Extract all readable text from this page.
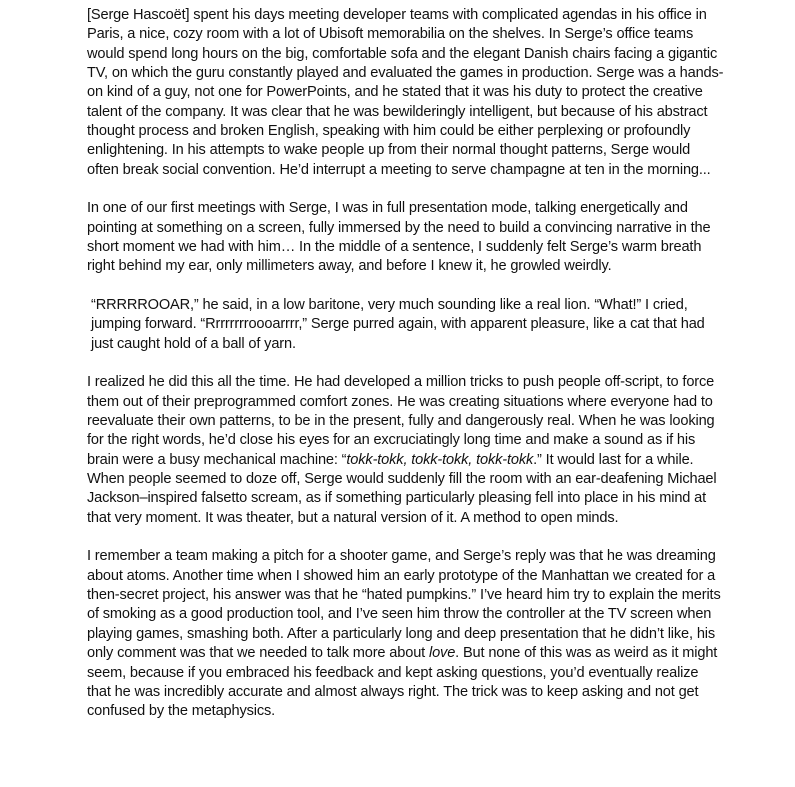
[Serge Hascoët] spent his days meeting developer teams with complicated agendas in his office in Paris, a nice, cozy room with a lot of Ubisoft memorabilia on the shelves. In Serge’s office teams would spend long hours on the big, comfortable sofa and the elegant Danish chairs facing a gigantic TV, on which the guru constantly played and evaluated the games in production. Serge was a hands-on kind of a guy, not one for PowerPoints, and he stated that it was his duty to protect the creative talent of the company. It was clear that he was bewilderingly intelligent, but because of his abstract thought process and broken English, speaking with him could be either perplexing or profoundly enlightening. In his attempts to wake people up from their normal thought patterns, Serge would often break social convention. He’d interrupt a meeting to serve champagne at ten in the morning...

In one of our first meetings with Serge, I was in full presentation mode, talking energetically and pointing at something on a screen, fully immersed by the need to build a convincing narrative in the short moment we had with him… In the middle of a sentence, I suddenly felt Serge’s warm breath right behind my ear, only millimeters away, and before I knew it, he growled weirdly.

“RRRRROOAR,” he said, in a low baritone, very much sounding like a real lion. “What!” I cried, jumping forward. “Rrrrrrrroooarrrr,” Serge purred again, with apparent pleasure, like a cat that had just caught hold of a ball of yarn.

I realized he did this all the time. He had developed a million tricks to push people off-script, to force them out of their preprogrammed comfort zones. He was creating situations where everyone had to reevaluate their own patterns, to be in the present, fully and dangerously real. When he was looking for the right words, he’d close his eyes for an excruciatingly long time and make a sound as if his brain were a busy mechanical machine: “tokk-tokk, tokk-tokk, tokk-tokk.” It would last for a while. When people seemed to doze off, Serge would suddenly fill the room with an ear-deafening Michael Jackson–inspired falsetto scream, as if something particularly pleasing fell into place in his mind at that very moment. It was theater, but a natural version of it. A method to open minds.

I remember a team making a pitch for a shooter game, and Serge’s reply was that he was dreaming about atoms. Another time when I showed him an early prototype of the Manhattan we created for a then-secret project, his answer was that he “hated pumpkins.” I’ve heard him try to explain the merits of smoking as a good production tool, and I’ve seen him throw the controller at the TV screen when playing games, smashing both. After a particularly long and deep presentation that he didn’t like, his only comment was that we needed to talk more about love. But none of this was as weird as it might seem, because if you embraced his feedback and kept asking questions, you’d eventually realize that he was incredibly accurate and almost always right. The trick was to keep asking and not get confused by the metaphysics.
